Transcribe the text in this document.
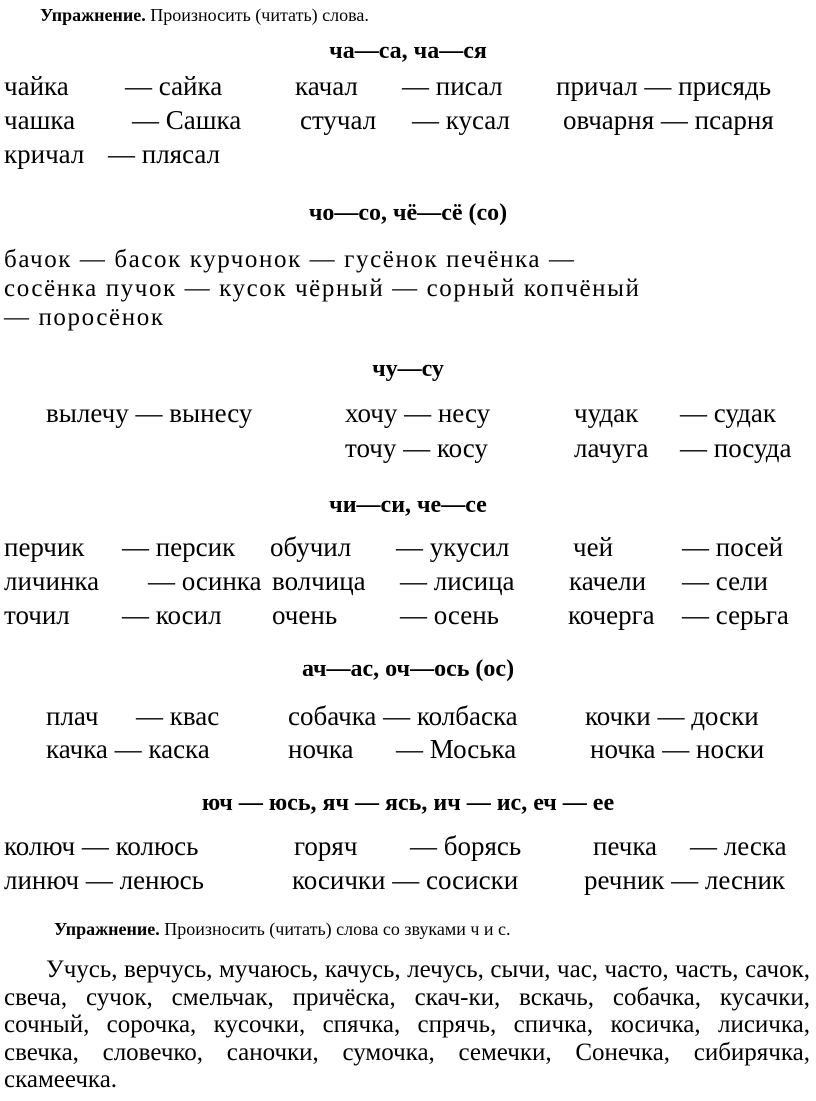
Упражнение. Произносить (читать) слова.
ча—са, ча—ся
чайка — сайка	качал — писал причал — присядь
чашка — Сашка стучал — кусал овчарня — псарня
кричал — плясал
чо—со, чё—сё (со)
бачок — басок курчонок — гусёнок печёнка —
сосёнка пучок — кусок чёрный — сорный копчёный
— поросёнок
чу—су
вылечу — вынесу	хочу — несу	чудак — судак
точу — косу	лачуга — посуда
чи—си, че—се
перчик — персик обучил — укусил чей	— посей
личинка — осинка волчица — лисица качели — сели
точил — косил очень — осень	кочерга — серьга
ач—ас, оч—ось (ос)
плач — квас	собачка — колбаска кочки — доски
качка — каска	ночка — Моська	ночка — носки
юч — юсь, яч — ясь, ич — ис, еч — ее
колюч — колюсь	горяч — борясь	печка — леска
линюч — ленюсь	косички — сосиски речник — лесник
Упражнение. Произносить (читать) слова со звуками ч и с.
Учусь, верчусь, мучаюсь, качусь, лечусь, сычи, час, часто, часть, сачок, свеча, сучок, смельчак, причёска, скач-ки, вскачь, собачка, кусачки, сочный, сорочка, кусочки, спячка, спрячь, спичка, косичка, лисичка, свечка, словечко, саночки, сумочка, семечки, Сонечка, сибирячка, скамеечка.
